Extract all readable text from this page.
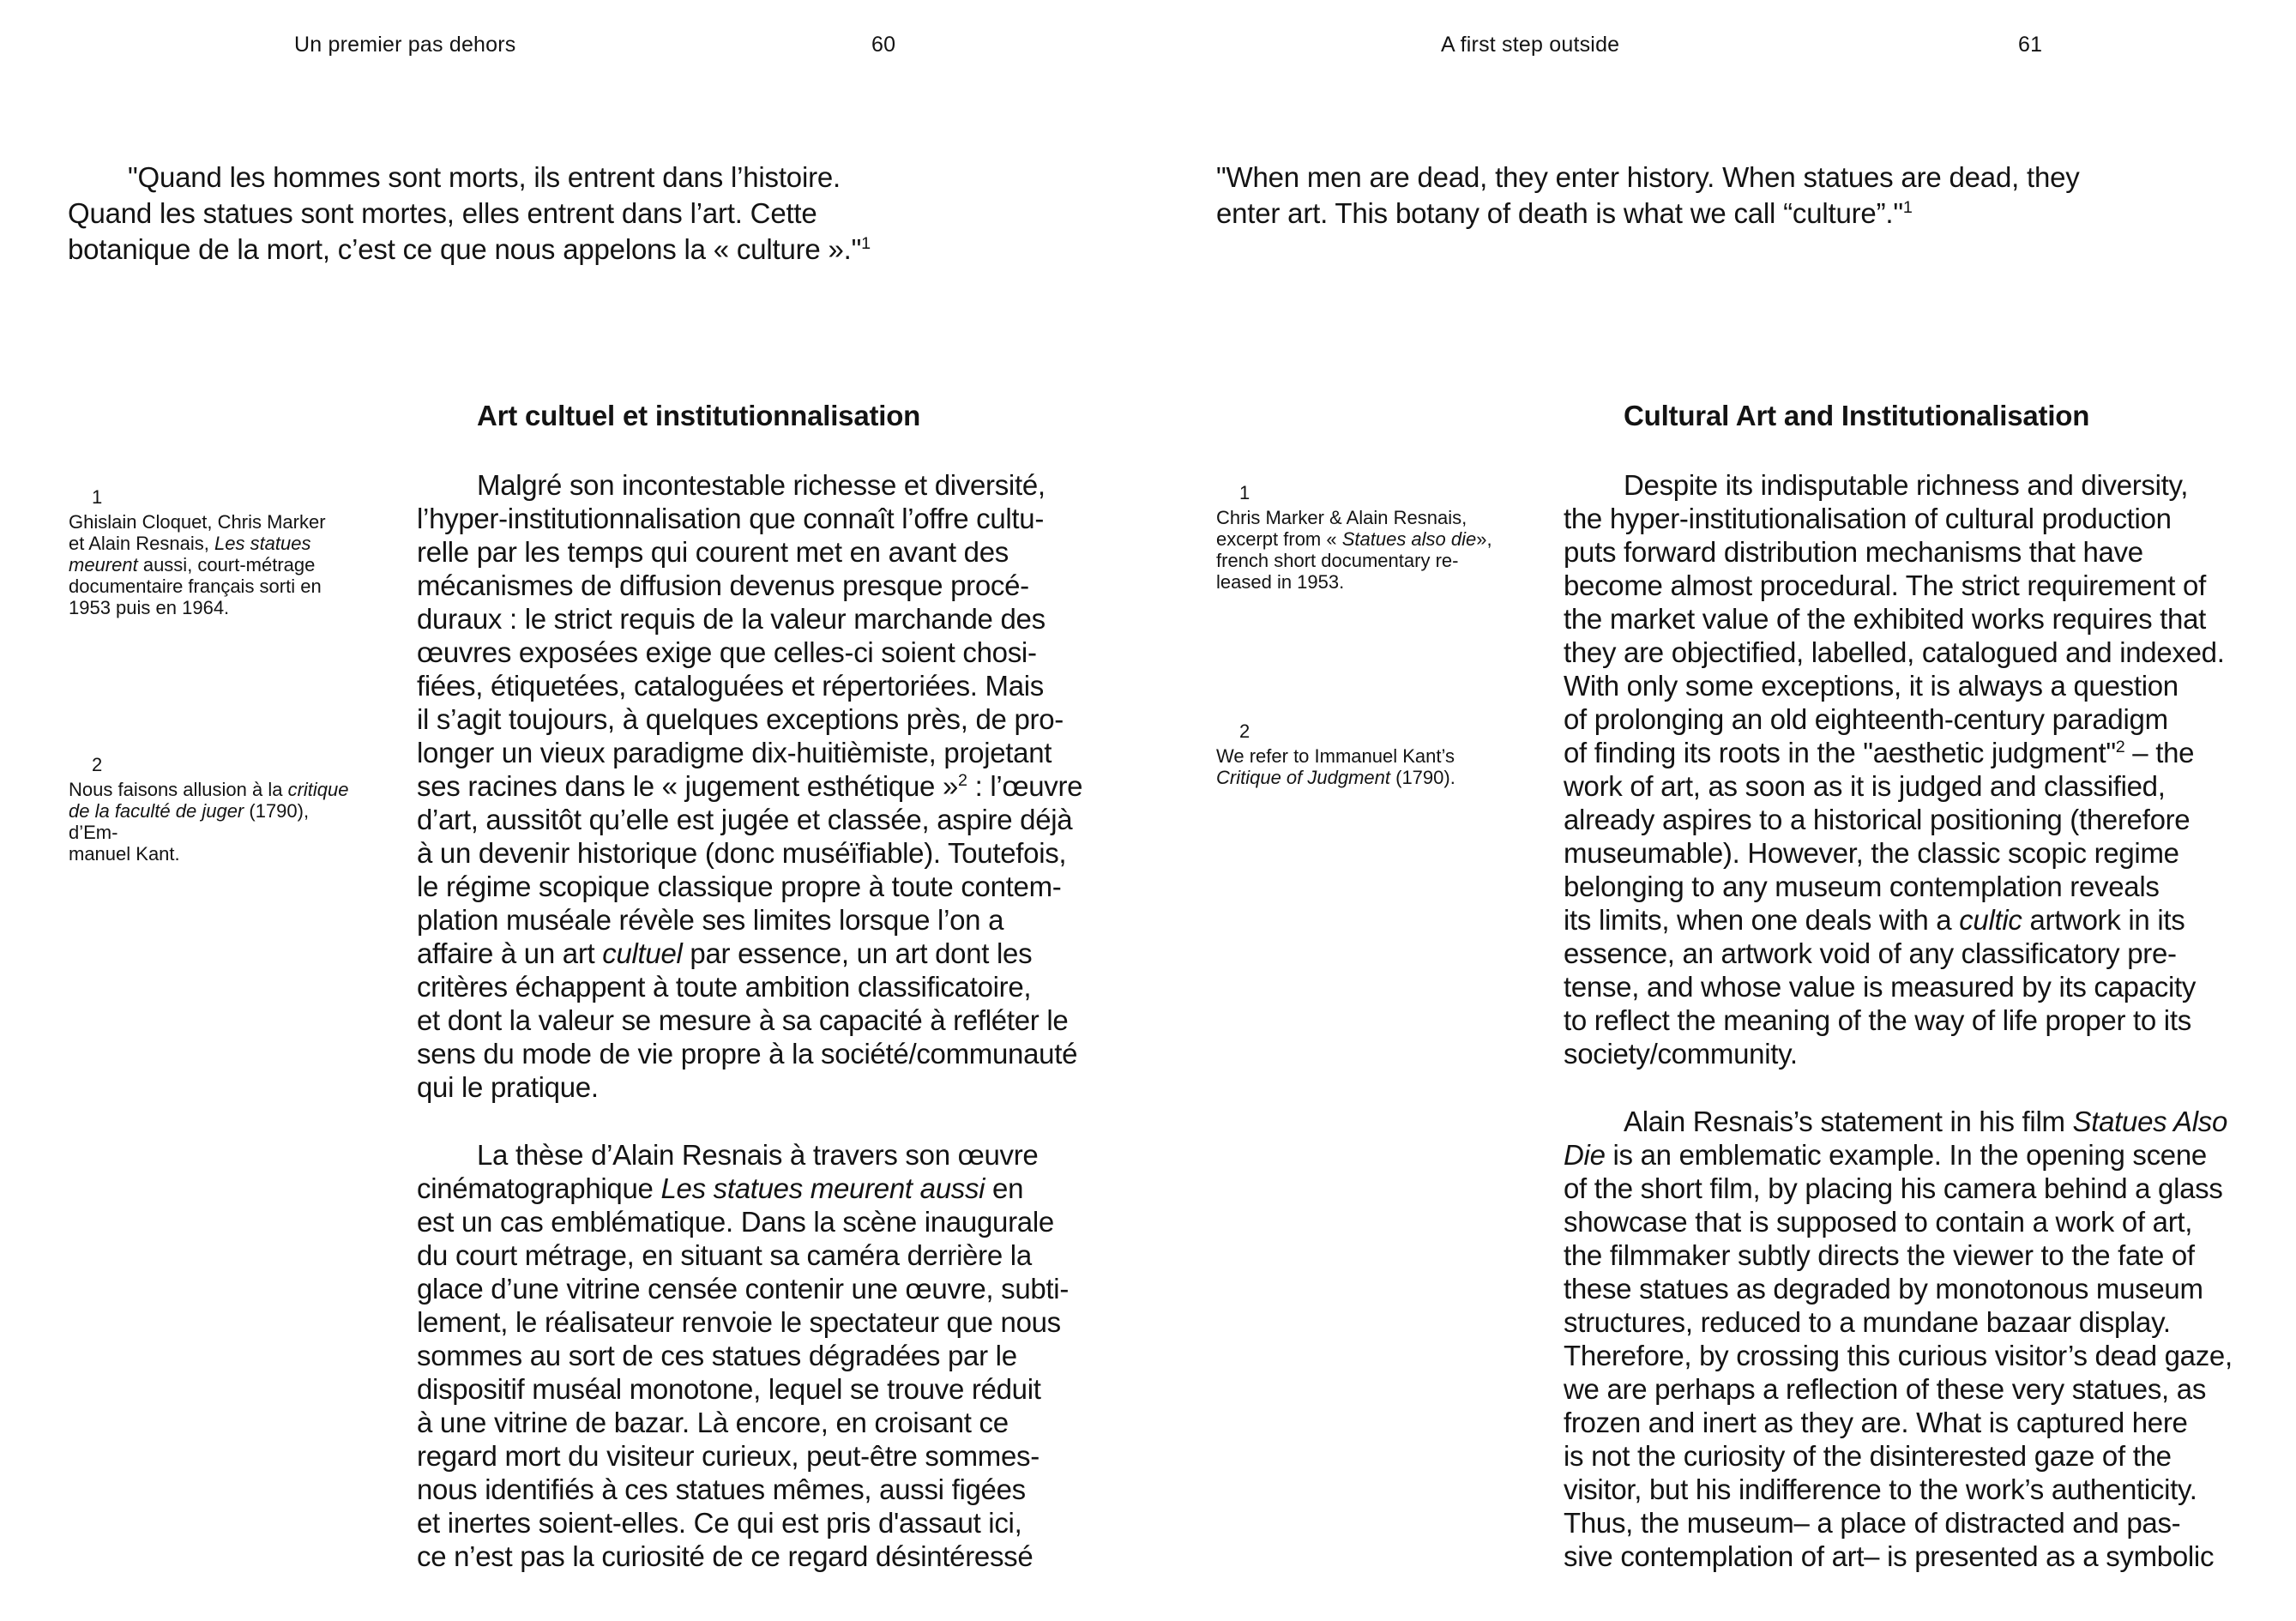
Un premier pas dehors	60	A first step outside	61
"Quand les hommes sont morts, ils entrent dans l’histoire.
Quand les statues sont mortes, elles entrent dans l’art. Cette
botanique de la mort, c’est ce que nous appelons la « culture »."$^1$
"When men are dead, they enter history. When statues are dead, they
enter art. This botany of death is what we call “culture”."$^1$
1
Ghislain Cloquet, Chris Marker
et Alain Resnais, Les statues
meurent aussi, court-métrage
documentaire français sorti en
1953 puis en 1964.
2
Nous faisons allusion à la critique
de la faculté de juger (1790), d’Em-
manuel Kant.
1
Chris Marker & Alain Resnais,
excerpt from « Statues also die»,
french short documentary re-
leased in 1953.
2
We refer to Immanuel Kant’s
Critique of Judgment (1790).
Art cultuel et institutionnalisation	Cultural Art and Institutionalisation
Malgré son incontestable richesse et diversité,
l’hyper-institutionnalisation que connaît l’offre cultu-
relle par les temps qui courent met en avant des
mécanismes de diffusion devenus presque procé-
duraux : le strict requis de la valeur marchande des
œuvres exposées exige que celles-ci soient chosi-
fiées, étiquetées, cataloguées et répertoriées. Mais
il s’agit toujours, à quelques exceptions près, de pro-
longer un vieux paradigme dix-huitièmiste, projetant
ses racines dans le « jugement esthétique »$^2$ : l’œuvre
d’art, aussitôt qu’elle est jugée et classée, aspire déjà
à un devenir historique (donc muséïfiable). Toutefois,
le régime scopique classique propre à toute contem-
plation muséale révèle ses limites lorsque l’on a
affaire à un art cultuel par essence, un art dont les
critères échappent à toute ambition classificatoire,
et dont la valeur se mesure à sa capacité à refléter le
sens du mode de vie propre à la société/communauté
qui le pratique.
La thèse d’Alain Resnais à travers son œuvre
cinématographique Les statues meurent aussi en
est un cas emblématique. Dans la scène inaugurale
du court métrage, en situant sa caméra derrière la
glace d’une vitrine censée contenir une œuvre, subti-
lement, le réalisateur renvoie le spectateur que nous
sommes au sort de ces statues dégradées par le
dispositif muséal monotone, lequel se trouve réduit
à une vitrine de bazar. Là encore, en croisant ce
regard mort du visiteur curieux, peut-être sommes-
nous identifiés à ces statues mêmes, aussi figées
et inertes soient-elles. Ce qui est pris d'assaut ici,
ce n’est pas la curiosité de ce regard désintéressé
Despite its indisputable richness and diversity,
the hyper-institutionalisation of cultural production
puts forward distribution mechanisms that have
become almost procedural. The strict requirement of
the market value of the exhibited works requires that
they are objectified, labelled, catalogued and indexed.
With only some exceptions, it is always a question
of prolonging an old eighteenth-century paradigm
of finding its roots in the "aesthetic judgment"$^2$ – the
work of art, as soon as it is judged and classified,
already aspires to a historical positioning (therefore
museumable). However, the classic scopic regime
belonging to any museum contemplation reveals
its limits, when one deals with a cultic artwork in its
essence, an artwork void of any classificatory pre-
tense, and whose value is measured by its capacity
to reflect the meaning of the way of life proper to its
society/community.
Alain Resnais’s statement in his film Statues Also
Die is an emblematic example. In the opening scene
of the short film, by placing his camera behind a glass
showcase that is supposed to contain a work of art,
the filmmaker subtly directs the viewer to the fate of
these statues as degraded by monotonous museum
structures, reduced to a mundane bazaar display.
Therefore, by crossing this curious visitor’s dead gaze,
we are perhaps a reflection of these very statues, as
frozen and inert as they are. What is captured here
is not the curiosity of the disinterested gaze of the
visitor, but his indifference to the work’s authenticity.
Thus, the museum– a place of distracted and pas-
sive contemplation of art– is presented as a symbolic
